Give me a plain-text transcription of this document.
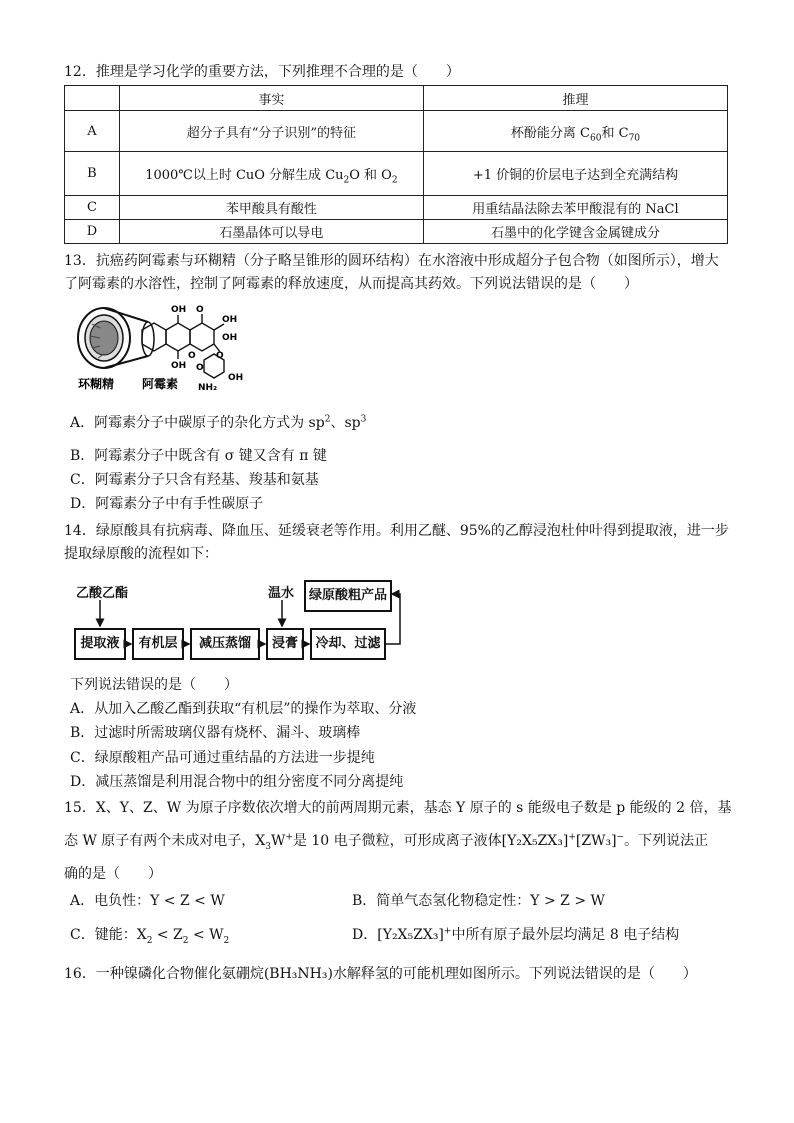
12．推理是学习化学的重要方法，下列推理不合理的是（　　）
	事实	推理
A	超分子具有“分子识别”的特征	杯酚能分离 $C_{60}$和 $C_{70}$
B	1000℃以上时 CuO 分解生成 $Cu_2O$ 和 $O_2$	+1 价铜的价层电子达到全充满结构
C	苯甲酸具有酸性	用重结晶法除去苯甲酸混有的 NaCl
D	石墨晶体可以导电	石墨中的化学键含金属键成分
13．抗癌药阿霉素与环糊精（分子略呈锥形的圆环结构）在水溶液中形成超分子包合物（如图所示），增大
了阿霉素的水溶性，控制了阿霉素的释放速度，从而提高其药效。下列说法错误的是（　　）
OH O
OH
OH
OH
O
O
O
OH
NH₂
环糊精 阿霉素
A．阿霉素分子中碳原子的杂化方式为 $sp^2$、$sp^3$
B．阿霉素分子中既含有 σ 键又含有 π 键
C．阿霉素分子只含有羟基、羧基和氨基
D．阿霉素分子中有手性碳原子
14．绿原酸具有抗病毒、降血压、延缓衰老等作用。利用乙醚、95%的乙醇浸泡杜仲叶得到提取液，进一步
提取绿原酸的流程如下：
乙酸乙酯	温水	绿原酸粗产品
提取液	有机层	减压蒸馏	浸膏	冷却、过滤
下列说法错误的是（　　）
A．从加入乙酸乙酯到获取“有机层”的操作为萃取、分液
B．过滤时所需玻璃仪器有烧杯、漏斗、玻璃棒
C．绿原酸粗产品可通过重结晶的方法进一步提纯
D．减压蒸馏是利用混合物中的组分密度不同分离提纯
15．X、Y、Z、W 为原子序数依次增大的前两周期元素，基态 Y 原子的 s 能级电子数是 p 能级的 2 倍，基
态 W 原子有两个未成对电子，$X_3W^+$是 10 电子微粒，可形成离子液体[Y₂X₅ZX₃]+[ZW₃]−。下列说法正
确的是（　　）
A．电负性：Y < Z < W	B．简单气态氢化物稳定性：Y > Z > W
C．键能：$X_2 < Z_2 < W_2$	D．[Y₂X₅ZX₃]+中所有原子最外层均满足 8 电子结构
16．一种镍磷化合物催化氨硼烷(BH₃NH₃)水解释氢的可能机理如图所示。下列说法错误的是（　　）
